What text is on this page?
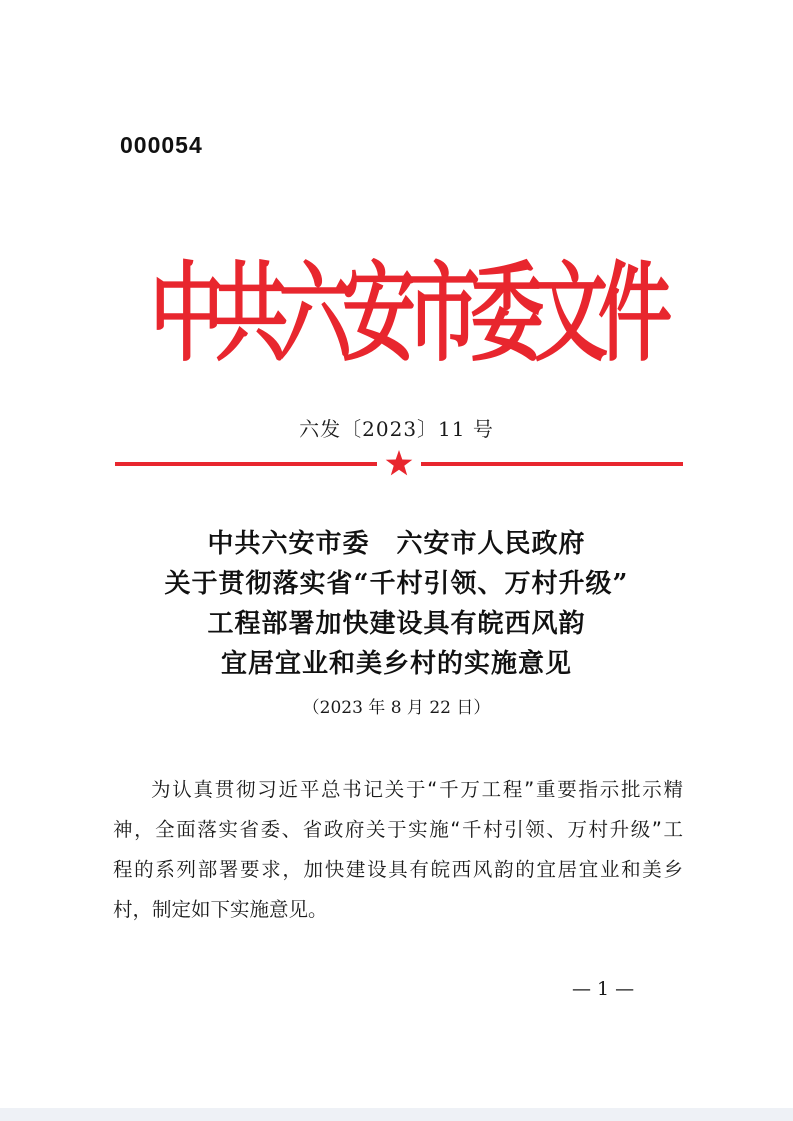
000054
中
共
六
安
市
委
文
件
六发〔2023〕11 号
中共六安市委　六安市人民政府
关于贯彻落实省“千村引领、万村升级”
工程部署加快建设具有皖西风韵
宜居宜业和美乡村的实施意见
（2023 年 8 月 22 日）
为认真贯彻习近平总书记关于“千万工程”重要指示批示精
神，全面落实省委、省政府关于实施“千村引领、万村升级”工
程的系列部署要求，加快建设具有皖西风韵的宜居宜业和美乡
村，制定如下实施意见。
— 1 —
